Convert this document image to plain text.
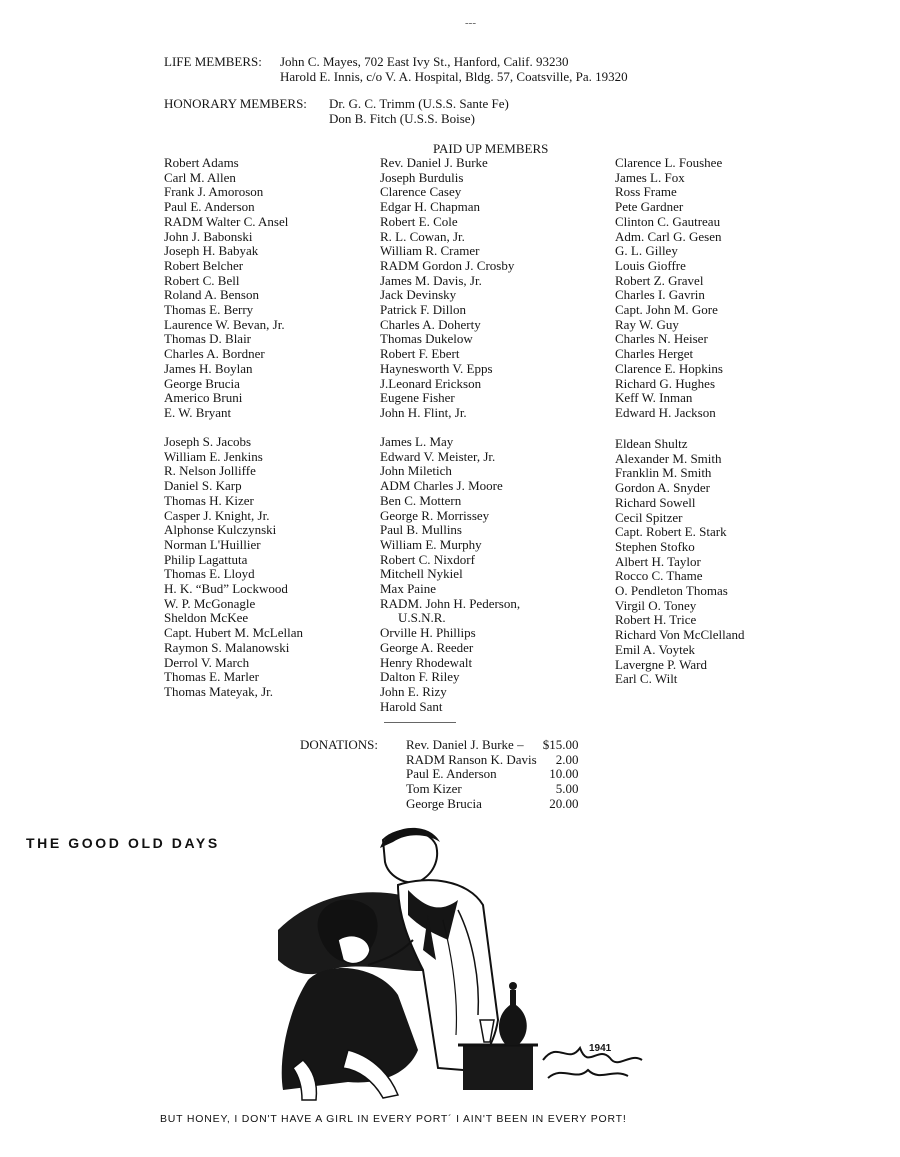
---
LIFE MEMBERS: John C. Mayes, 702 East Ivy St., Hanford, Calif. 93230
Harold E. Innis, c/o V. A. Hospital, Bldg. 57, Coatsville, Pa. 19320
HONORARY MEMBERS: Dr. G. C. Trimm (U.S.S. Sante Fe)
Don B. Fitch (U.S.S. Boise)
PAID UP MEMBERS
Robert Adams
Carl M. Allen
Frank J. Amoroson
Paul E. Anderson
RADM Walter C. Ansel
John J. Babonski
Joseph H. Babyak
Robert Belcher
Robert C. Bell
Roland A. Benson
Thomas E. Berry
Laurence W. Bevan, Jr.
Thomas D. Blair
Charles A. Bordner
James H. Boylan
George Brucia
Americo Bruni
E. W. Bryant
Rev. Daniel J. Burke
Joseph Burdulis
Clarence Casey
Edgar H. Chapman
Robert E. Cole
R. L. Cowan, Jr.
William R. Cramer
RADM Gordon J. Crosby
James M. Davis, Jr.
Jack Devinsky
Patrick F. Dillon
Charles A. Doherty
Thomas Dukelow
Robert F. Ebert
Haynesworth V. Epps
J.Leonard Erickson
Eugene Fisher
John H. Flint, Jr.
Clarence L. Foushee
James L. Fox
Ross Frame
Pete Gardner
Clinton C. Gautreau
Adm. Carl G. Gesen
G. L. Gilley
Louis Gioffre
Robert Z. Gravel
Charles I. Gavrin
Capt. John M. Gore
Ray W. Guy
Charles N. Heiser
Charles Herget
Clarence E. Hopkins
Richard G. Hughes
Keff W. Inman
Edward H. Jackson
Joseph S. Jacobs
William E. Jenkins
R. Nelson Jolliffe
Daniel S. Karp
Thomas H. Kizer
Casper J. Knight, Jr.
Alphonse Kulczynski
Norman L'Huillier
Philip Lagattuta
Thomas E. Lloyd
H. K. “Bud” Lockwood
W. P. McGonagle
Sheldon McKee
Capt. Hubert M. McLellan
Raymon S. Malanowski
Derrol V. March
Thomas E. Marler
Thomas Mateyak, Jr.
James L. May
Edward V. Meister, Jr.
John Miletich
ADM Charles J. Moore
Ben C. Mottern
George R. Morrissey
Paul B. Mullins
William E. Murphy
Robert C. Nixdorf
Mitchell Nykiel
Max Paine
RADM. John H. Pederson,
U.S.N.R.
Orville H. Phillips
George A. Reeder
Henry Rhodewalt
Dalton F. Riley
John E. Rizy
Harold Sant
Eldean Shultz
Alexander M. Smith
Franklin M. Smith
Gordon A. Snyder
Richard Sowell
Cecil Spitzer
Capt. Robert E. Stark
Stephen Stofko
Albert H. Taylor
Rocco C. Thame
O. Pendleton Thomas
Virgil O. Toney
Robert H. Trice
Richard Von McClelland
Emil A. Voytek
Lavergne P. Ward
Earl C. Wilt
DONATIONS: Rev. Daniel J. Burke –	$15.00
RADM Ranson K. Davis	2.00
Paul E. Anderson	10.00
Tom Kizer	5.00
George Brucia	20.00
THE GOOD OLD DAYS
1941
BUT HONEY, I DON'T HAVE A GIRL IN EVERY PORT´ I AIN'T BEEN IN EVERY PORT!
